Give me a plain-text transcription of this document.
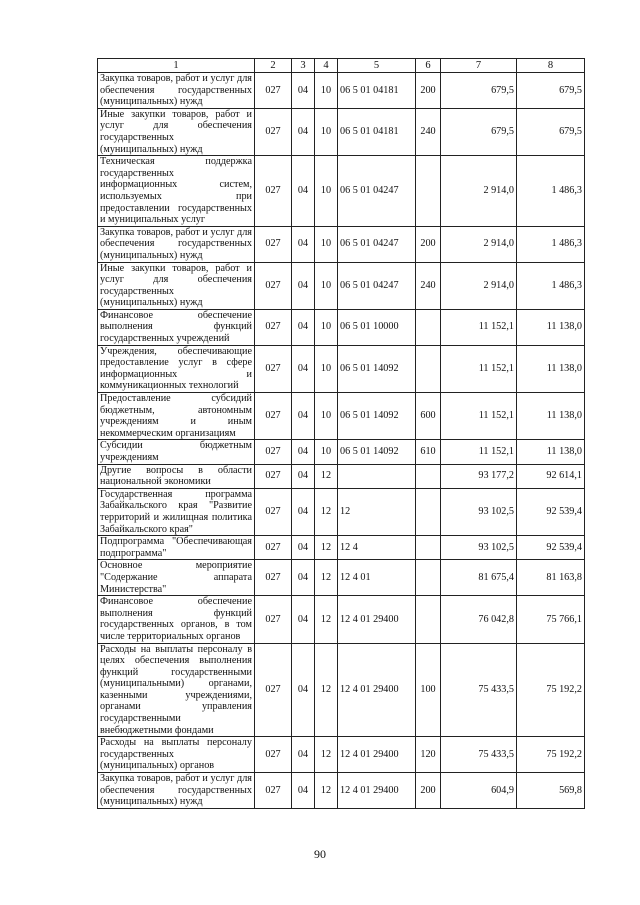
1	2	3	4	5	6	7	8
Закупка товаров, работ и услуг для обеспечения государственных (муниципальных) нужд	027	04	10	06 5 01 04181	200	679,5	679,5
Иные закупки товаров, работ и услуг для обеспечения государственных (муниципальных) нужд	027	04	10	06 5 01 04181	240	679,5	679,5
Техническая поддержка государственных информационных систем, используемых при предоставлении государственных и муниципальных услуг	027	04	10	06 5 01 04247		2 914,0	1 486,3
Закупка товаров, работ и услуг для обеспечения государственных (муниципальных) нужд	027	04	10	06 5 01 04247	200	2 914,0	1 486,3
Иные закупки товаров, работ и услуг для обеспечения государственных (муниципальных) нужд	027	04	10	06 5 01 04247	240	2 914,0	1 486,3
Финансовое обеспечение выполнения функций государственных учреждений	027	04	10	06 5 01 10000		11 152,1	11 138,0
Учреждения, обеспечивающие предоставление услуг в сфере информационных и коммуникационных технологий	027	04	10	06 5 01 14092		11 152,1	11 138,0
Предоставление субсидий бюджетным, автономным учреждениям и иным некоммерческим организациям	027	04	10	06 5 01 14092	600	11 152,1	11 138,0
Субсидии бюджетным учреждениям	027	04	10	06 5 01 14092	610	11 152,1	11 138,0
Другие вопросы в области национальной экономики	027	04	12			93 177,2	92 614,1
Государственная программа Забайкальского края "Развитие территорий и жилищная политика Забайкальского края"	027	04	12	12		93 102,5	92 539,4
Подпрограмма "Обеспечивающая подпрограмма"	027	04	12	12 4		93 102,5	92 539,4
Основное мероприятие "Содержание аппарата Министерства"	027	04	12	12 4 01		81 675,4	81 163,8
Финансовое обеспечение выполнения функций государственных органов, в том числе территориальных органов	027	04	12	12 4 01 29400		76 042,8	75 766,1
Расходы на выплаты персоналу в целях обеспечения выполнения функций государственными (муниципальными) органами, казенными учреждениями, органами управления государственными внебюджетными фондами	027	04	12	12 4 01 29400	100	75 433,5	75 192,2
Расходы на выплаты персоналу государственных (муниципальных) органов	027	04	12	12 4 01 29400	120	75 433,5	75 192,2
Закупка товаров, работ и услуг для обеспечения государственных (муниципальных) нужд	027	04	12	12 4 01 29400	200	604,9	569,8
90
